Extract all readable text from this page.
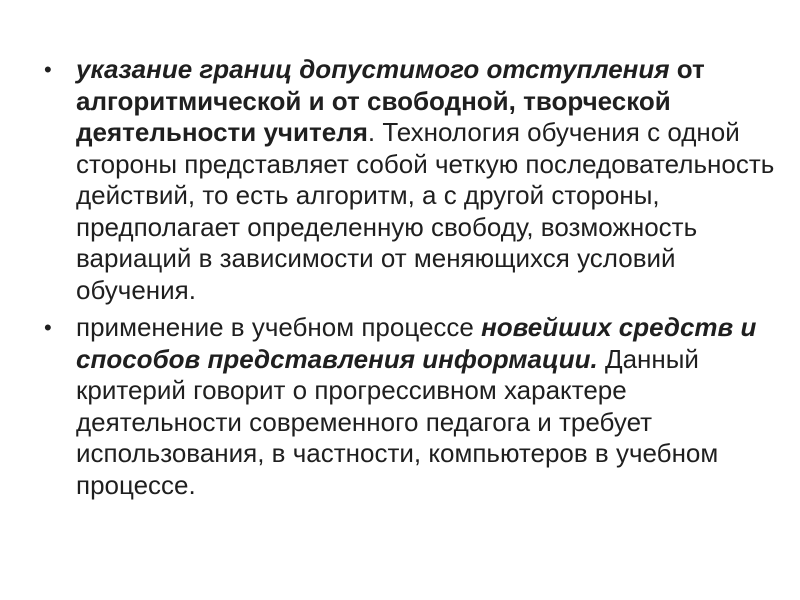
• указание границ допустимого отступления от алгоритмической и от свободной, творческой деятельности учителя. Технология обучения с одной стороны представляет собой четкую последовательность действий, то есть алгоритм, а с другой стороны, предполагает определенную свободу, возможность вариаций в зависимости от меняющихся условий обучения.
• применение в учебном процессе новейших средств и способов представления информации. Данный критерий говорит о прогрессивном характере деятельности современного педагога и требует использования, в частности, компьютеров в учебном процессе.
